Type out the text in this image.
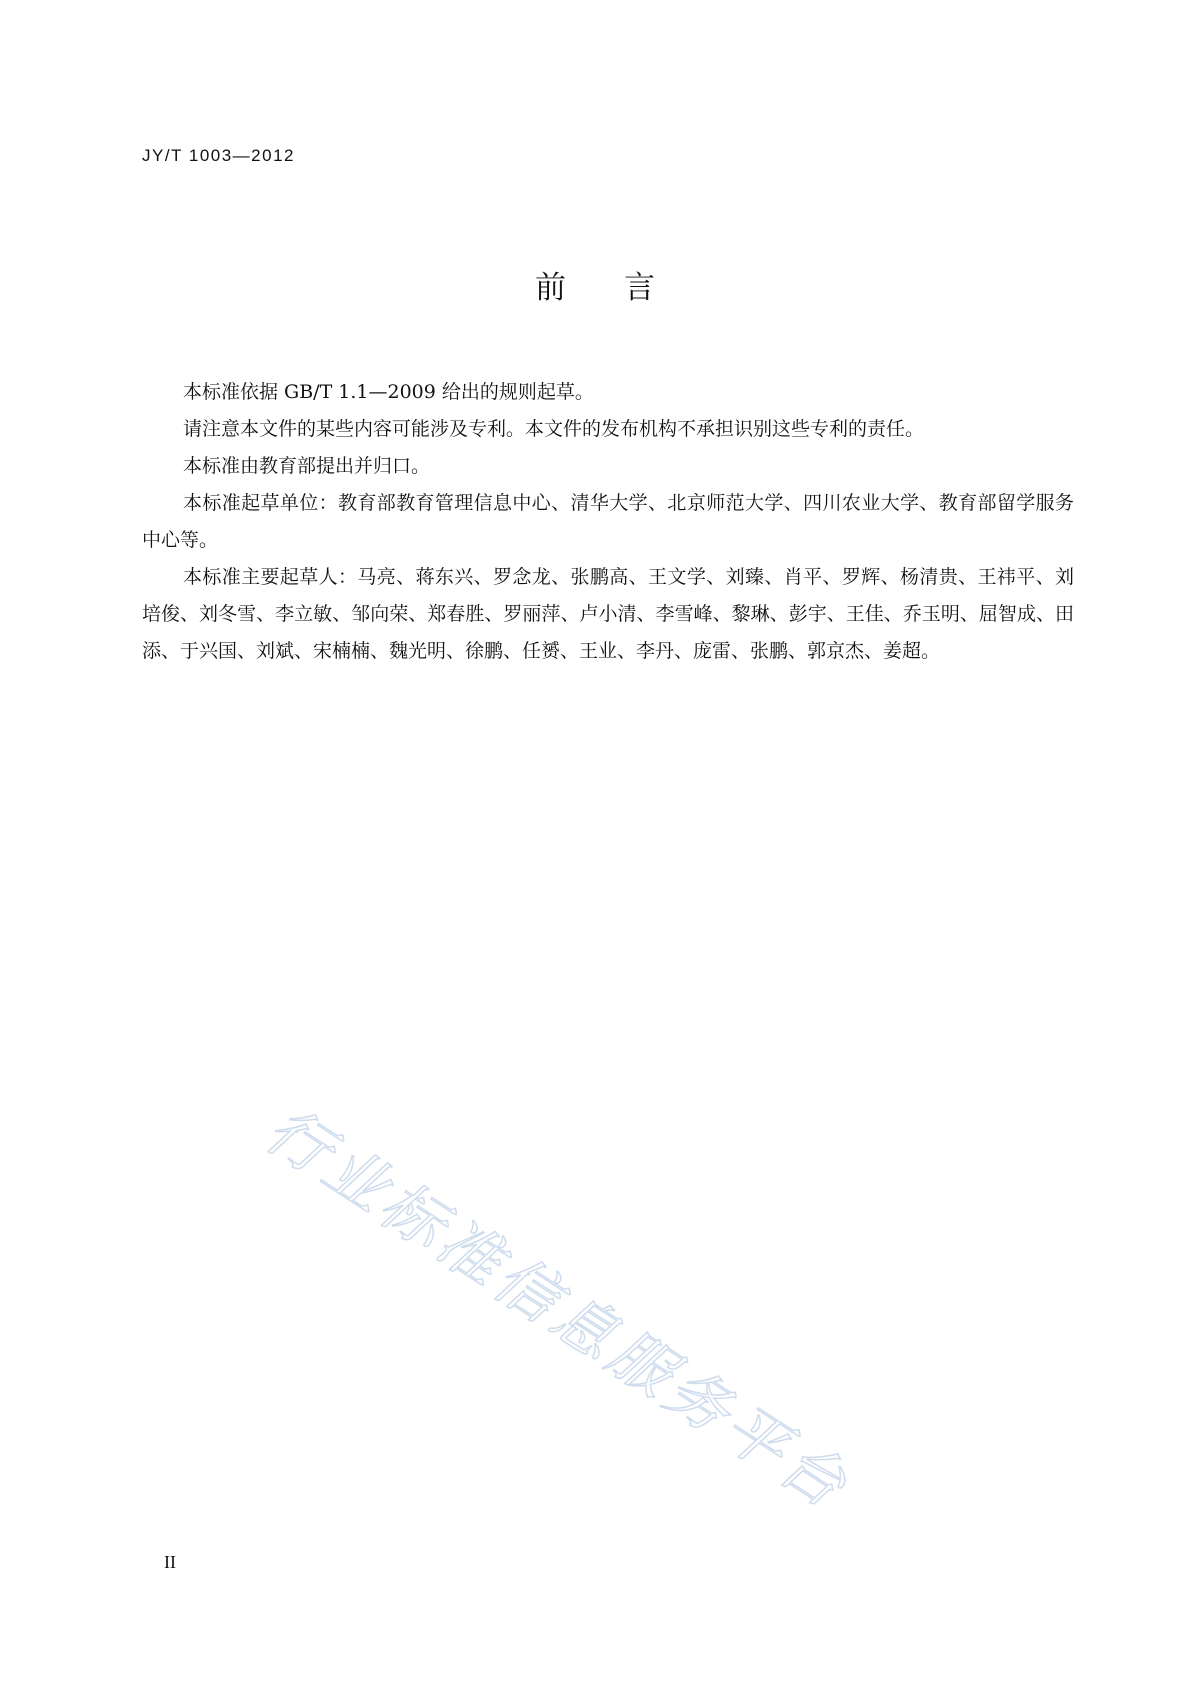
JY/T 1003—2012
前言

本标准依据 GB/T 1.1—2009 给出的规则起草。

请注意本文件的某些内容可能涉及专利。本文件的发布机构不承担识别这些专利的责任。

本标准由教育部提出并归口。

本标准起草单位：教育部教育管理信息中心、清华大学、北京师范大学、四川农业大学、教育部留学服务中心等。

本标准主要起草人：马亮、蒋东兴、罗念龙、张鹏高、王文学、刘臻、肖平、罗辉、杨清贵、王祎平、刘培俊、刘冬雪、李立敏、邹向荣、郑春胜、罗丽萍、卢小清、李雪峰、黎琳、彭宇、王佳、乔玉明、屈智成、田添、于兴国、刘斌、宋楠楠、魏光明、徐鹏、任赟、王业、李丹、庞雷、张鹏、郭京杰、姜超。

行业标准信息服务平台
II
